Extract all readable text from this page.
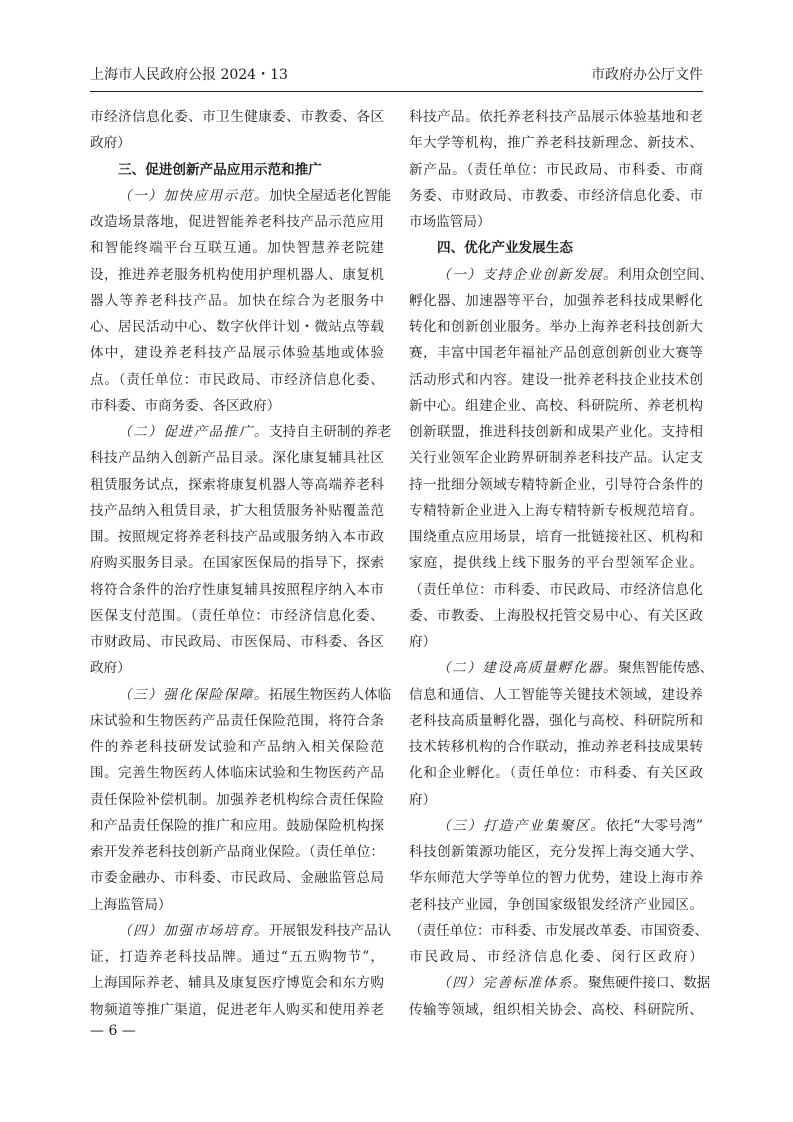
上海市人民政府公报 2024・13	市政府办公厅文件
市经济信息化委、市卫生健康委、市教委、各区
政府）
三、促进创新产品应用示范和推广
（一）加快应用示范。加快全屋适老化智能
改造场景落地，促进智能养老科技产品示范应用
和智能终端平台互联互通。加快智慧养老院建
设，推进养老服务机构使用护理机器人、康复机
器人等养老科技产品。加快在综合为老服务中
心、居民活动中心、数字伙伴计划・微站点等载
体中，建设养老科技产品展示体验基地或体验
点。（责任单位：市民政局、市经济信息化委、
市科委、市商务委、各区政府）
（二）促进产品推广。支持自主研制的养老
科技产品纳入创新产品目录。深化康复辅具社区
租赁服务试点，探索将康复机器人等高端养老科
技产品纳入租赁目录，扩大租赁服务补贴覆盖范
围。按照规定将养老科技产品或服务纳入本市政
府购买服务目录。在国家医保局的指导下，探索
将符合条件的治疗性康复辅具按照程序纳入本市
医保支付范围。（责任单位：市经济信息化委、
市财政局、市民政局、市医保局、市科委、各区
政府）
（三）强化保险保障。拓展生物医药人体临
床试验和生物医药产品责任保险范围，将符合条
件的养老科技研发试验和产品纳入相关保险范
围。完善生物医药人体临床试验和生物医药产品
责任保险补偿机制。加强养老机构综合责任保险
和产品责任保险的推广和应用。鼓励保险机构探
索开发养老科技创新产品商业保险。（责任单位：
市委金融办、市科委、市民政局、金融监管总局
上海监管局）
（四）加强市场培育。开展银发科技产品认
证，打造养老科技品牌。通过“五五购物节”，
上海国际养老、辅具及康复医疗博览会和东方购
物频道等推广渠道，促进老年人购买和使用养老
科技产品。依托养老科技产品展示体验基地和老
年大学等机构，推广养老科技新理念、新技术、
新产品。（责任单位：市民政局、市科委、市商
务委、市财政局、市教委、市经济信息化委、市
市场监管局）
四、优化产业发展生态
（一）支持企业创新发展。利用众创空间、
孵化器、加速器等平台，加强养老科技成果孵化
转化和创新创业服务。举办上海养老科技创新大
赛，丰富中国老年福祉产品创意创新创业大赛等
活动形式和内容。建设一批养老科技企业技术创
新中心。组建企业、高校、科研院所、养老机构
创新联盟，推进科技创新和成果产业化。支持相
关行业领军企业跨界研制养老科技产品。认定支
持一批细分领域专精特新企业，引导符合条件的
专精特新企业进入上海专精特新专板规范培育。
围绕重点应用场景，培育一批链接社区、机构和
家庭，提供线上线下服务的平台型领军企业。
（责任单位：市科委、市民政局、市经济信息化
委、市教委、上海股权托管交易中心、有关区政
府）
（二）建设高质量孵化器。聚焦智能传感、
信息和通信、人工智能等关键技术领域，建设养
老科技高质量孵化器，强化与高校、科研院所和
技术转移机构的合作联动，推动养老科技成果转
化和企业孵化。（责任单位：市科委、有关区政
府）
（三）打造产业集聚区。依托“大零号湾”
科技创新策源功能区，充分发挥上海交通大学、
华东师范大学等单位的智力优势，建设上海市养
老科技产业园，争创国家级银发经济产业园区。
（责任单位：市科委、市发展改革委、市国资委、
市民政局、市经济信息化委、闵行区政府）
（四）完善标准体系。聚焦硬件接口、数据
传输等领域，组织相关协会、高校、科研院所、
— 6 —
